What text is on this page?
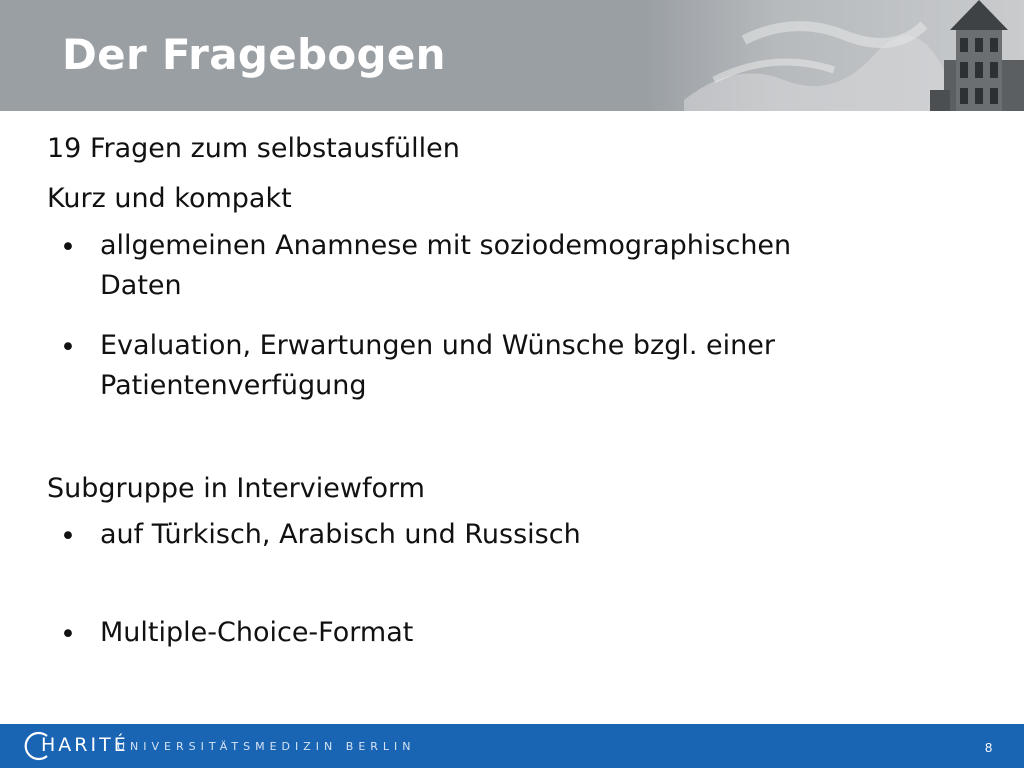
Der Fragebogen
19 Fragen zum selbstausfüllen
Kurz und kompakt
• allgemeinen Anamnese mit soziodemographischen Daten
• Evaluation, Erwartungen und Wünsche bzgl. einer Patientenverfügung
Subgruppe in Interviewform
• auf Türkisch, Arabisch und Russisch
• Multiple-Choice-Format
HARITÉ
UNIVERSITÄTSMEDIZIN BERLIN	8
